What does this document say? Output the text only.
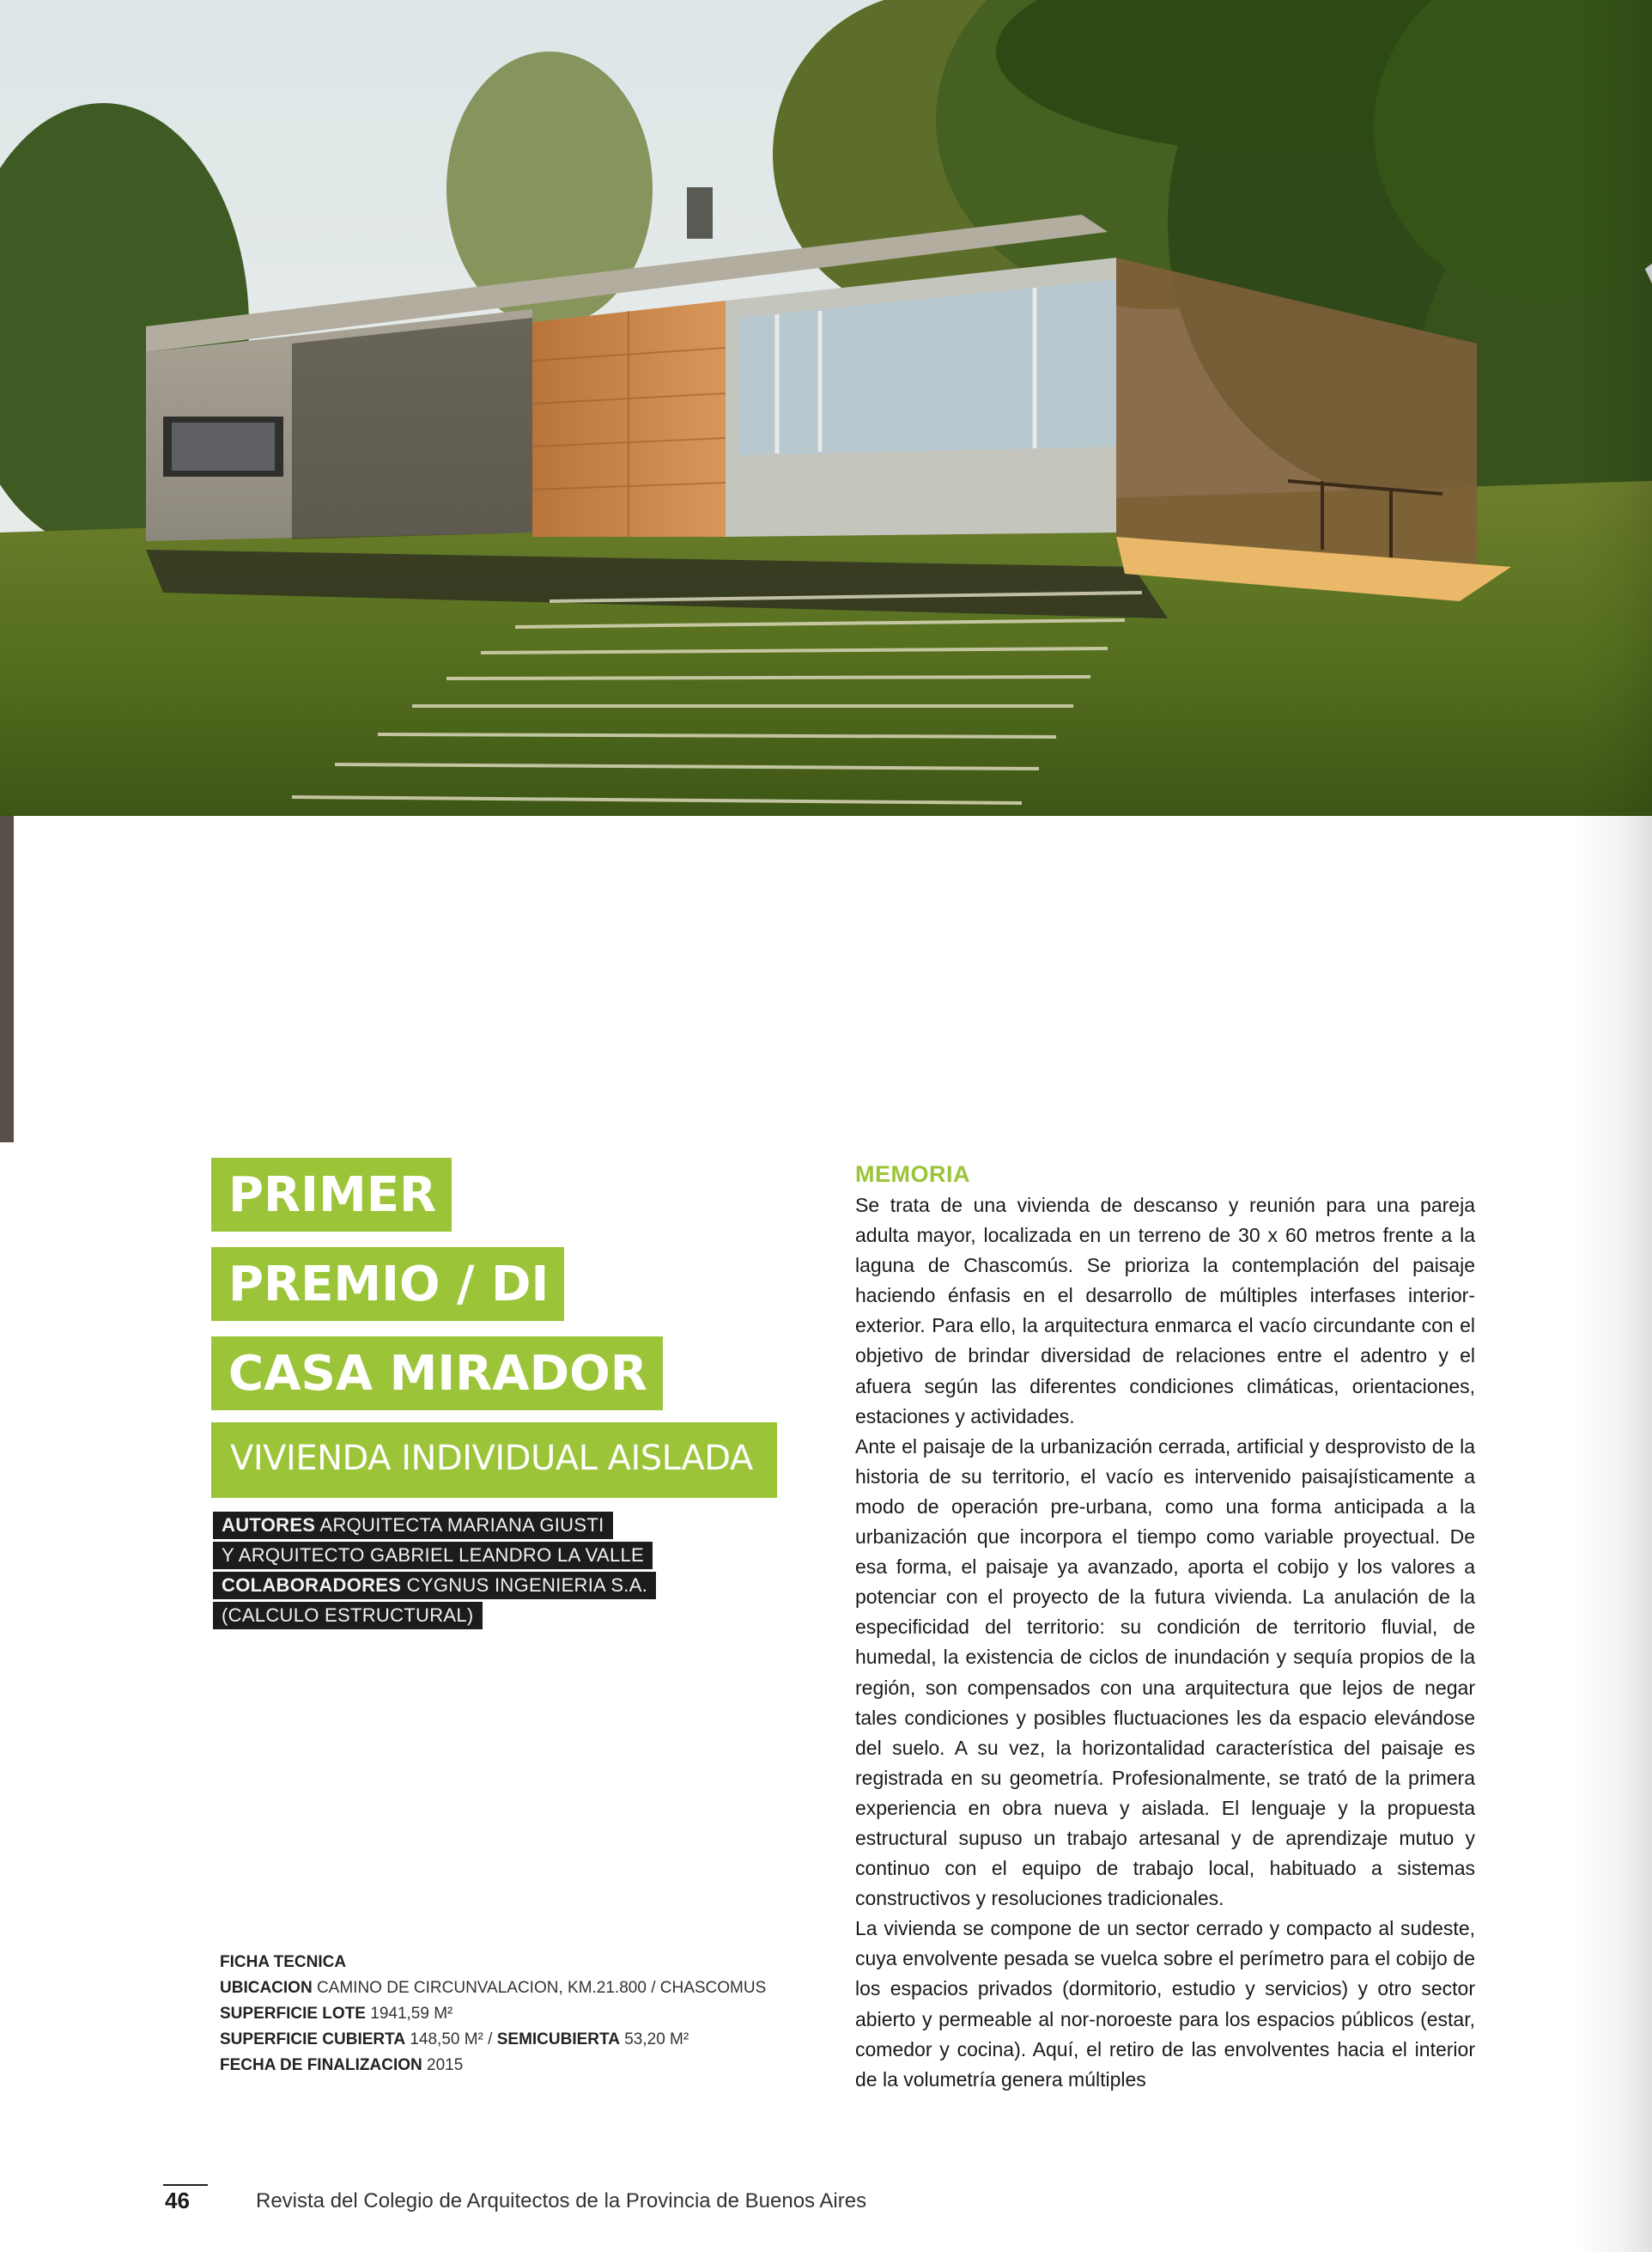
PRIMER
PREMIO / DI
CASA MIRADOR
VIVIENDA INDIVIDUAL AISLADA
AUTORES ARQUITECTA MARIANA GIUSTI
Y ARQUITECTO GABRIEL LEANDRO LA VALLE
COLABORADORES CYGNUS INGENIERIA S.A.
(CALCULO ESTRUCTURAL)
FICHA TECNICA
UBICACION CAMINO DE CIRCUNVALACION, KM.21.800 / CHASCOMUS
SUPERFICIE LOTE 1941,59 M²
SUPERFICIE CUBIERTA 148,50 M² / SEMICUBIERTA 53,20 M²
FECHA DE FINALIZACION 2015
MEMORIA

Se trata de una vivienda de descanso y reunión para una pareja adulta mayor, localizada en un terreno de 30 x 60 metros frente a la laguna de Chascomús. Se prioriza la contemplación del paisaje haciendo énfasis en el desarrollo de múltiples interfases interior-exterior. Para ello, la arquitectura enmarca el vacío circundante con el objetivo de brindar diversidad de relaciones entre el adentro y el afuera según las diferentes condiciones climáticas, orientaciones, estaciones y actividades.

Ante el paisaje de la urbanización cerrada, artificial y desprovisto de la historia de su territorio, el vacío es intervenido paisajísticamente a modo de operación pre-urbana, como una forma anticipada a la urbanización que incorpora el tiempo como variable proyectual. De esa forma, el paisaje ya avanzado, aporta el cobijo y los valores a potenciar con el proyecto de la futura vivienda. La anulación de la especificidad del territorio: su condición de territorio fluvial, de humedal, la existencia de ciclos de inundación y sequía propios de la región, son compensados con una arquitectura que lejos de negar tales condiciones y posibles fluctuaciones les da espacio elevándose del suelo. A su vez, la horizontalidad característica del paisaje es registrada en su geometría. Profesionalmente, se trató de la primera experiencia en obra nueva y aislada. El lenguaje y la propuesta estructural supuso un trabajo artesanal y de aprendizaje mutuo y continuo con el equipo de trabajo local, habituado a sistemas constructivos y resoluciones tradicionales.

La vivienda se compone de un sector cerrado y compacto al sudeste, cuya envolvente pesada se vuelca sobre el perímetro para el cobijo de los espacios privados (dormitorio, estudio y servicios) y otro sector abierto y permeable al nor-noroeste para los espacios públicos (estar, comedor y cocina). Aquí, el retiro de las envolventes hacia el interior de la volumetría genera múltiples

46	Revista del Colegio de Arquitectos de la Provincia de Buenos Aires
